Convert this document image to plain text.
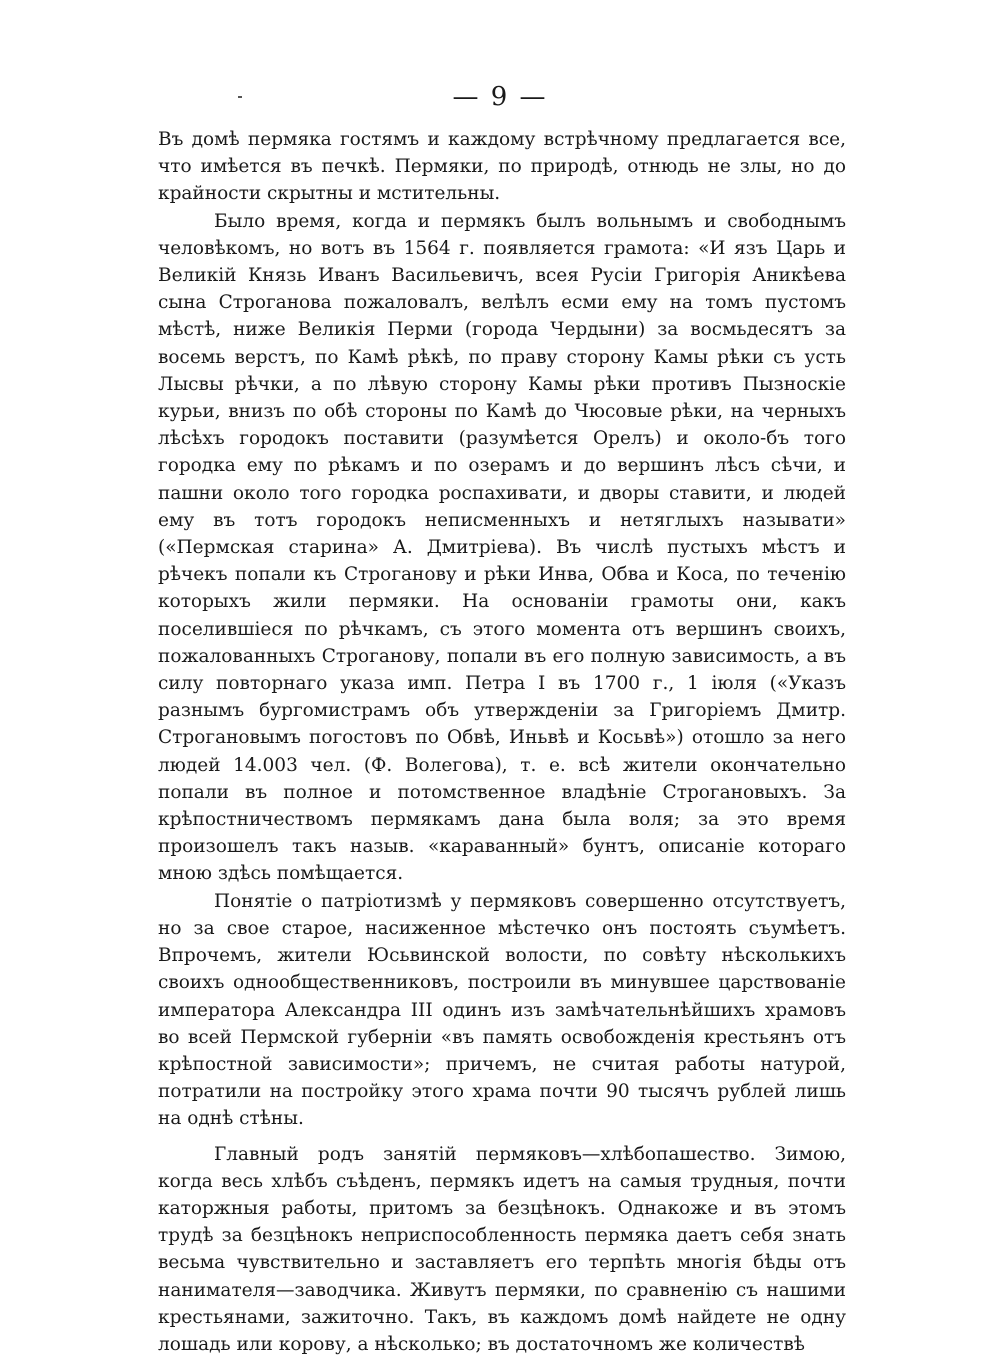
— 9 —

Въ домѣ пермяка гостямъ и каждому встрѣчному предлагается все, что имѣется въ печкѣ. Пермяки, по природѣ, отнюдь не злы, но до крайности скрытны и мстительны.

Было время, когда и пермякъ былъ вольнымъ и свободнымъ человѣкомъ, но вотъ въ 1564 г. появляется грамота: «И язъ Царь и Великій Князь Иванъ Васильевичъ, всея Русіи Григорія Аникѣева сына Строганова пожаловалъ, велѣлъ есми ему на томъ пустомъ мѣстѣ, ниже Великія Перми (города Чердыни) за восмьдесятъ за восемь верстъ, по Камѣ рѣкѣ, по праву сторону Камы рѣки съ усть Лысвы рѣчки, а по лѣвую сторону Камы рѣки противъ Пызноскіе курьи, внизъ по обѣ стороны по Камѣ до Чюсовые рѣки, на черныхъ лѣсѣхъ городокъ поставити (разумѣется Орелъ) и около-бъ того городка ему по рѣкамъ и по озерамъ и до вершинъ лѣсъ сѣчи, и пашни около того городка роспахивати, и дворы ставити, и людей ему въ тотъ городокъ неписменныхъ и нетяглыхъ называти» («Пермская старина» А. Дмитріева). Въ числѣ пустыхъ мѣстъ и рѣчекъ попали къ Строганову и рѣки Инва, Обва и Коса, по теченію которыхъ жили пермяки. На основаніи грамоты они, какъ поселившіеся по рѣчкамъ, съ этого момента отъ вершинъ своихъ, пожалованныхъ Строганову, попали въ его полную зависимость, а въ силу повторнаго указа имп. Петра I въ 1700 г., 1 іюля («Указъ разнымъ бургомистрамъ объ утвержденіи за Григоріемъ Дмитр. Строгановымъ погостовъ по Обвѣ, Иньвѣ и Косьвѣ») отошло за него людей 14.003 чел. (Ф. Волегова), т. е. всѣ жители окончательно попали въ полное и потомственное владѣніе Строгановыхъ. За крѣпостничествомъ пермякамъ дана была воля; за это время произошелъ такъ назыв. «караванный» бунтъ, описаніе котораго мною здѣсь помѣщается.

Понятіе о патріотизмѣ у пермяковъ совершенно отсутствуетъ, но за свое старое, насиженное мѣстечко онъ постоять съумѣетъ. Впрочемъ, жители Юсьвинской волости, по совѣту нѣсколькихъ своихъ однообщественниковъ, построили въ минувшее царствованіе императора Александра III одинъ изъ замѣчательнѣйшихъ храмовъ во всей Пермской губерніи «въ память освобожденія крестьянъ отъ крѣпостной зависимости»; причемъ, не считая работы натурой, потратили на постройку этого храма почти 90 тысячъ рублей лишь на однѣ стѣны.

Главный родъ занятій пермяковъ—хлѣбопашество. Зимою, когда весь хлѣбъ съѣденъ, пермякъ идетъ на самыя трудныя, почти каторжныя работы, притомъ за безцѣнокъ. Однакоже и въ этомъ трудѣ за безцѣнокъ неприспособленность пермяка даетъ себя знать весьма чувствительно и заставляетъ его терпѣть многія бѣды отъ нанимателя—заводчика. Живутъ пермяки, по сравненію съ нашими крестьянами, зажиточно. Такъ, въ каждомъ домѣ найдете не одну лошадь или корову, а нѣсколько; въ достаточномъ же количествѣ
